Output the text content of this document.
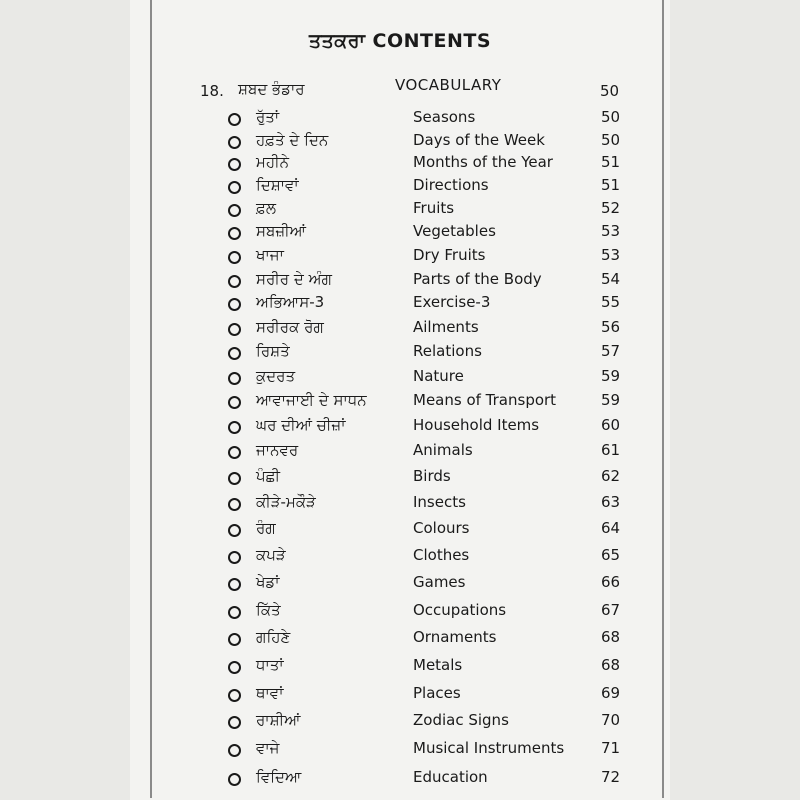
ਤਤਕਰਾ CONTENTS
18. ਸ਼ਬਦ ਭੰਡਾਰ	VOCABULARY	50
ਰੁੱਤਾਂ	Seasons	50
ਹਫ਼ਤੇ ਦੇ ਦਿਨ	Days of the Week	50
ਮਹੀਨੇ	Months of the Year	51
ਦਿਸ਼ਾਵਾਂ	Directions	51
ਫ਼ਲ	Fruits	52
ਸਬਜ਼ੀਆਂ	Vegetables	53
ਖਾਜਾ	Dry Fruits	53
ਸਰੀਰ ਦੇ ਅੰਗ	Parts of the Body	54
ਅਭਿਆਸ-3	Exercise-3	55
ਸਰੀਰਕ ਰੋਗ	Ailments	56
ਰਿਸ਼ਤੇ	Relations	57
ਕੁਦਰਤ	Nature	59
ਆਵਾਜਾਈ ਦੇ ਸਾਧਨ	Means of Transport	59
ਘਰ ਦੀਆਂ ਚੀਜ਼ਾਂ	Household Items	60
ਜਾਨਵਰ	Animals	61
ਪੰਛੀ	Birds	62
ਕੀੜੇ-ਮਕੌੜੇ	Insects	63
ਰੰਗ	Colours	64
ਕਪੜੇ	Clothes	65
ਖੇਡਾਂ	Games	66
ਕਿੱਤੇ	Occupations	67
ਗਹਿਣੇ	Ornaments	68
ਧਾਤਾਂ	Metals	68
ਥਾਵਾਂ	Places	69
ਰਾਸ਼ੀਆਂ	Zodiac Signs	70
ਵਾਜੇ	Musical Instruments 71
ਵਿਦਿਆ	Education	72
